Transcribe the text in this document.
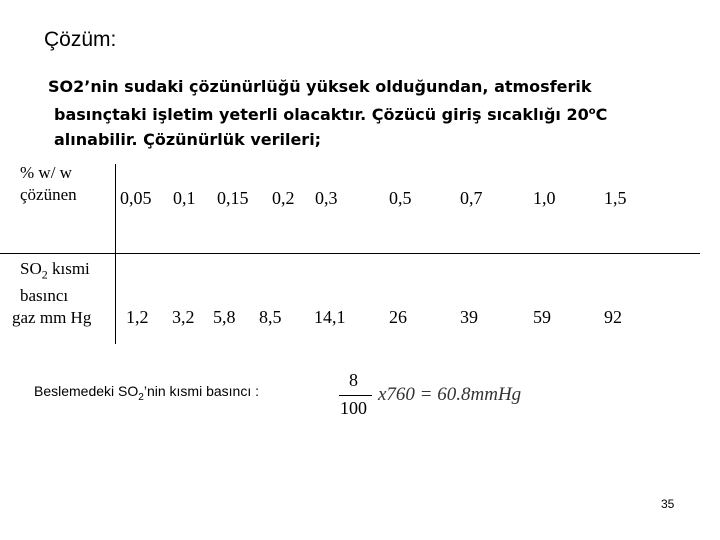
Çözüm:
SO2’nin sudaki çözünürlüğü yüksek olduğundan, atmosferik
basınçtaki işletim yeterli olacaktır. Çözücü giriş sıcaklığı 20$^o$C
alınabilir. Çözünürlük verileri;
% w/ w
çözünen
$SO_2$ kısmi
basıncı
gaz mm Hg
0,05 0,1 0,15 0,2 0,3	0,5	0,7	1,0	1,5
1,2 3,2 5,8 8,5 14,1 26	39	59	92
Beslemedeki $SO_2’nin$ kısmi basıncı :
8
100
x760 = 60.8mmHg
35
